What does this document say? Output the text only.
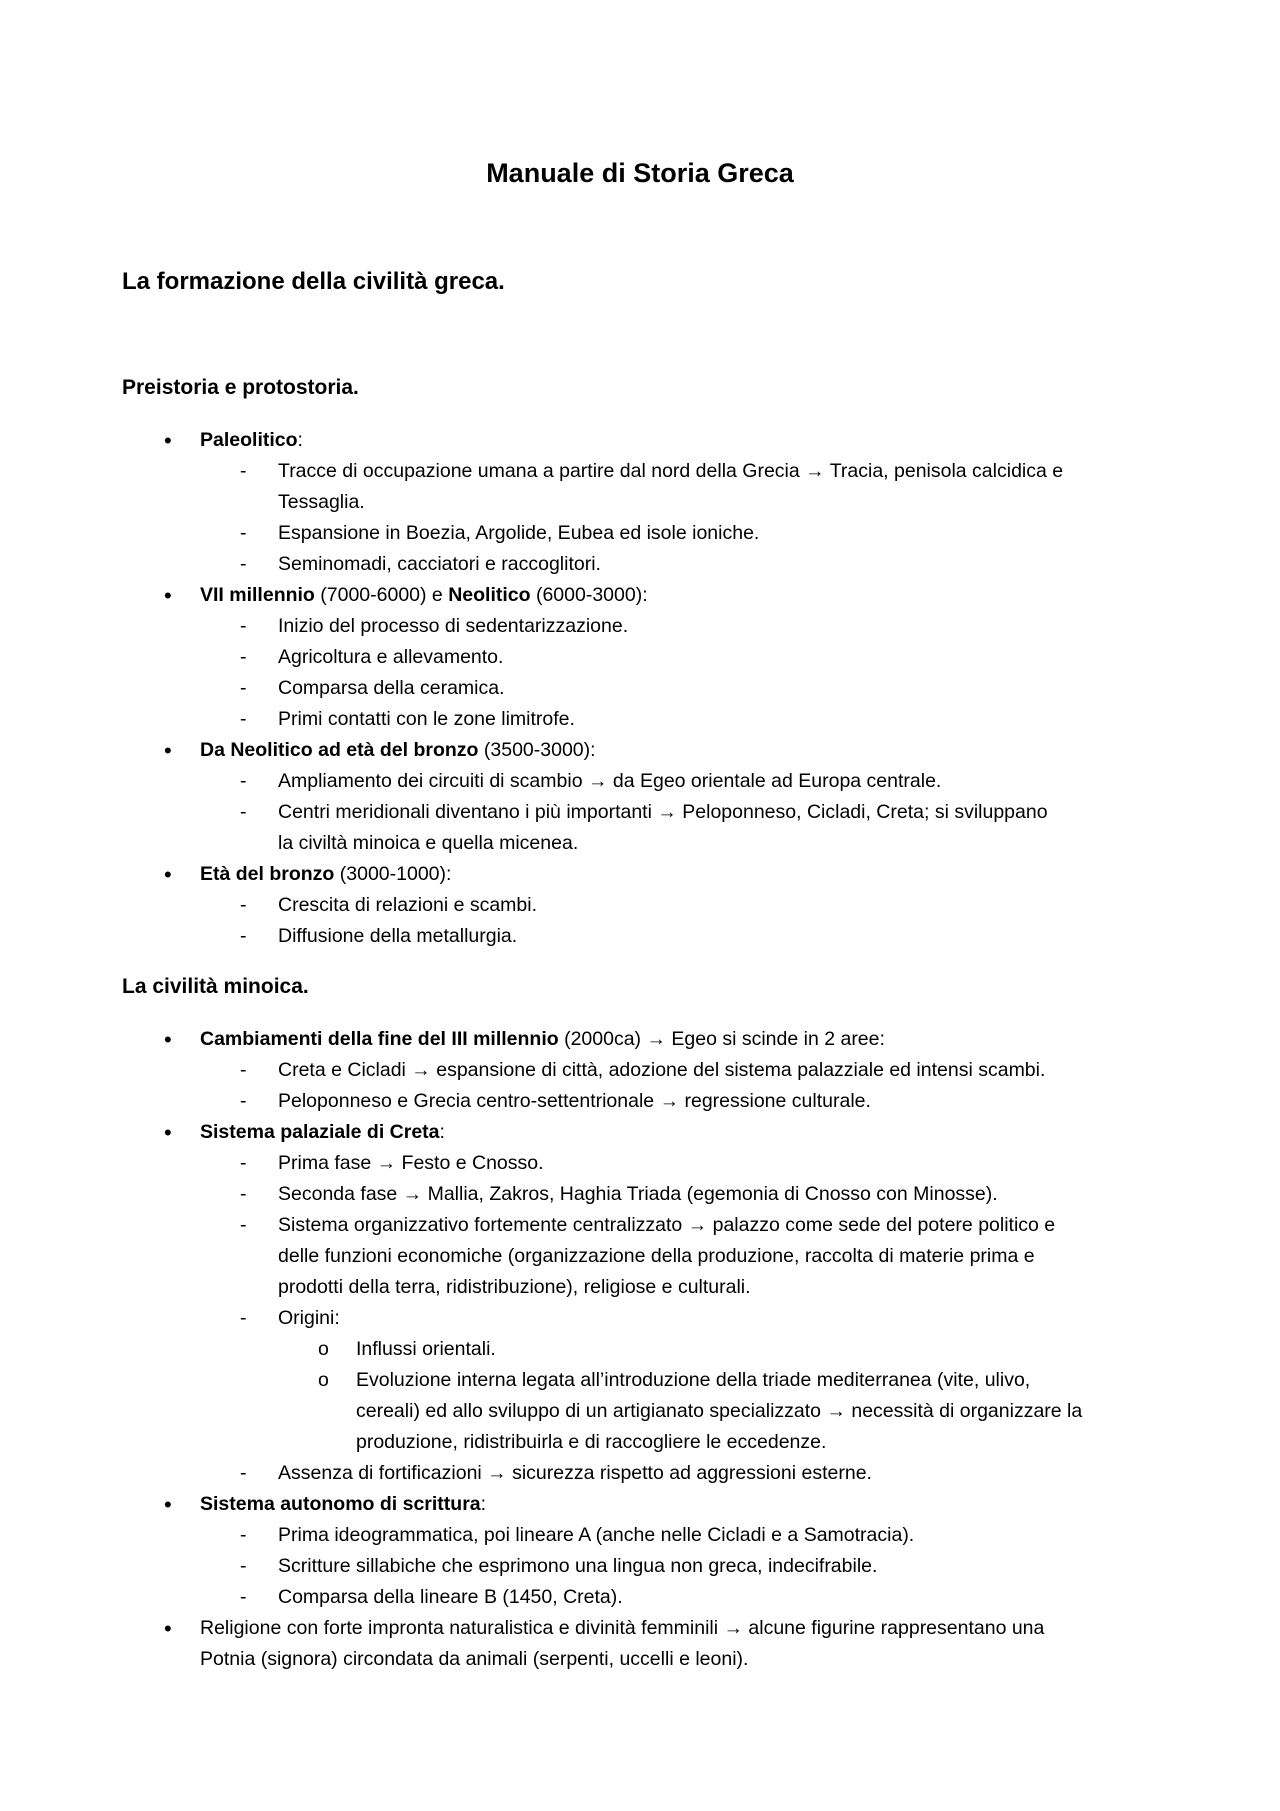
Manuale di Storia Greca
La formazione della civilità greca.
Preistoria e protostoria.
• Paleolitico:
- Tracce di occupazione umana a partire dal nord della Grecia → Tracia, penisola calcidica e
Tessaglia.
- Espansione in Boezia, Argolide, Eubea ed isole ioniche.
- Seminomadi, cacciatori e raccoglitori.
• VII millennio (7000-6000) e Neolitico (6000-3000):
- Inizio del processo di sedentarizzazione.
- Agricoltura e allevamento.
- Comparsa della ceramica.
- Primi contatti con le zone limitrofe.
• Da Neolitico ad età del bronzo (3500-3000):
- Ampliamento dei circuiti di scambio → da Egeo orientale ad Europa centrale.
- Centri meridionali diventano i più importanti → Peloponneso, Cicladi, Creta; si sviluppano
la civiltà minoica e quella micenea.
• Età del bronzo (3000-1000):
- Crescita di relazioni e scambi.
- Diffusione della metallurgia.
La civilità minoica.
• Cambiamenti della fine del III millennio (2000ca) → Egeo si scinde in 2 aree:
- Creta e Cicladi → espansione di città, adozione del sistema palazziale ed intensi scambi.
- Peloponneso e Grecia centro-settentrionale → regressione culturale.
• Sistema palaziale di Creta:
- Prima fase → Festo e Cnosso.
- Seconda fase → Mallia, Zakros, Haghia Triada (egemonia di Cnosso con Minosse).
- Sistema organizzativo fortemente centralizzato → palazzo come sede del potere politico e
delle funzioni economiche (organizzazione della produzione, raccolta di materie prima e
prodotti della terra, ridistribuzione), religiose e culturali.
- Origini:
o Influssi orientali.
o Evoluzione interna legata all’introduzione della triade mediterranea (vite, ulivo,
cereali) ed allo sviluppo di un artigianato specializzato → necessità di organizzare la
produzione, ridistribuirla e di raccogliere le eccedenze.
- Assenza di fortificazioni → sicurezza rispetto ad aggressioni esterne.
• Sistema autonomo di scrittura:
- Prima ideogrammatica, poi lineare A (anche nelle Cicladi e a Samotracia).
- Scritture sillabiche che esprimono una lingua non greca, indecifrabile.
- Comparsa della lineare B (1450, Creta).
• Religione con forte impronta naturalistica e divinità femminili → alcune figurine rappresentano una
Potnia (signora) circondata da animali (serpenti, uccelli e leoni).
